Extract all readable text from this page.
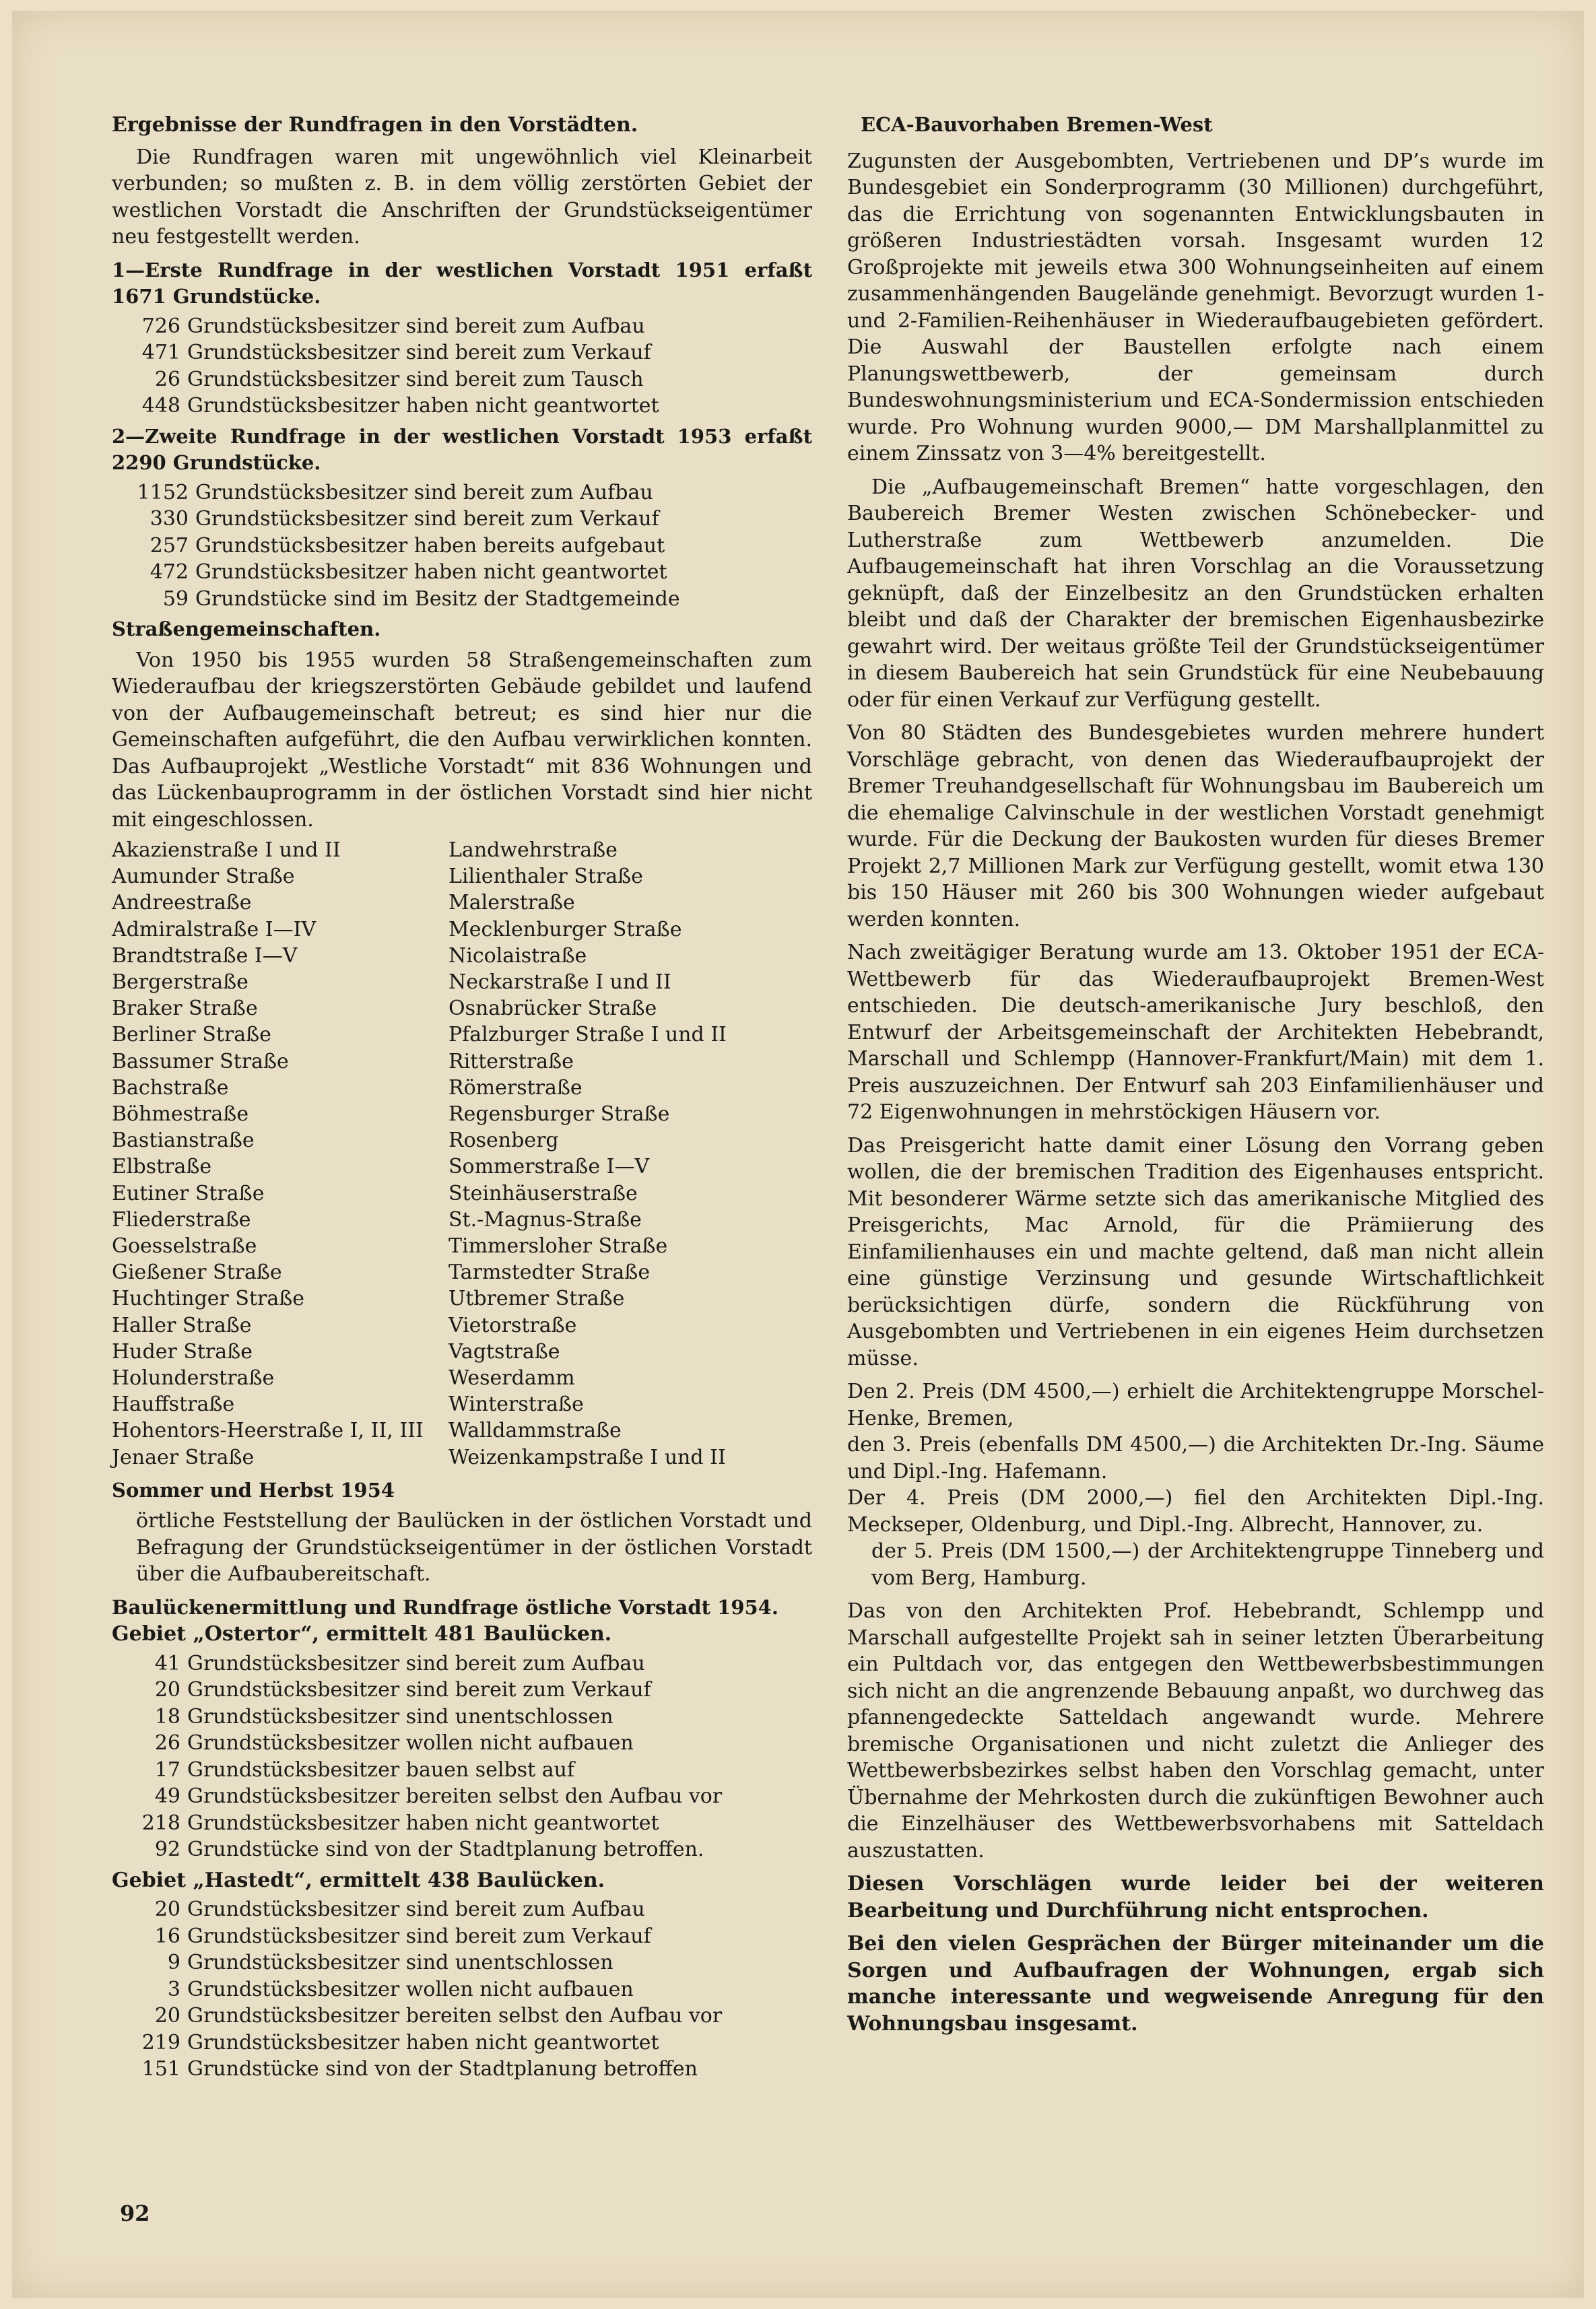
Ergebnisse der Rundfragen in den Vorstädten.

Die Rundfragen waren mit ungewöhnlich viel Kleinarbeit verbunden; so mußten z. B. in dem völlig zerstörten Gebiet der westlichen Vorstadt die Anschriften der Grundstückseigentümer neu festgestellt werden.

1—Erste Rundfrage in der westlichen Vorstadt 1951 erfaßt 1671 Grundstücke.

726 Grundstücksbesitzer sind bereit zum Aufbau
471 Grundstücksbesitzer sind bereit zum Verkauf
26 Grundstücksbesitzer sind bereit zum Tausch
448 Grundstücksbesitzer haben nicht geantwortet

2—Zweite Rundfrage in der westlichen Vorstadt 1953 erfaßt 2290 Grundstücke.

1152 Grundstücksbesitzer sind bereit zum Aufbau
330 Grundstücksbesitzer sind bereit zum Verkauf
257 Grundstücksbesitzer haben bereits aufgebaut
472 Grundstücksbesitzer haben nicht geantwortet
59 Grundstücke sind im Besitz der Stadtgemeinde

Straßengemeinschaften.

Von 1950 bis 1955 wurden 58 Straßengemeinschaften zum Wiederaufbau der kriegszerstörten Gebäude gebildet und laufend von der Aufbaugemeinschaft betreut; es sind hier nur die Gemeinschaften aufgeführt, die den Aufbau verwirklichen konnten. Das Aufbauprojekt „Westliche Vorstadt“ mit 836 Wohnungen und das Lückenbauprogramm in der östlichen Vorstadt sind hier nicht mit eingeschlossen.

Akazienstraße I und II
Aumunder Straße
Andreestraße
Admiralstraße I—IV
Brandtstraße I—V
Bergerstraße
Braker Straße
Berliner Straße
Bassumer Straße
Bachstraße
Böhmestraße
Bastianstraße
Elbstraße
Eutiner Straße
Fliederstraße
Goesselstraße
Gießener Straße
Huchtinger Straße
Haller Straße
Huder Straße
Holunderstraße
Hauffstraße
Hohentors-Heerstraße I, II, III
Jenaer Straße
Landwehrstraße
Lilienthaler Straße
Malerstraße
Mecklenburger Straße
Nicolaistraße
Neckarstraße I und II
Osnabrücker Straße
Pfalzburger Straße I und II
Ritterstraße
Römerstraße
Regensburger Straße
Rosenberg
Sommerstraße I—V
Steinhäuserstraße
St.-Magnus-Straße
Timmersloher Straße
Tarmstedter Straße
Utbremer Straße
Vietorstraße
Vagtstraße
Weserdamm
Winterstraße
Walldammstraße
Weizenkampstraße I und II

Sommer und Herbst 1954

örtliche Feststellung der Baulücken in der östlichen Vorstadt und Befragung der Grundstückseigentümer in der östlichen Vorstadt über die Aufbaubereitschaft.

Baulückenermittlung und Rundfrage östliche Vorstadt 1954.

Gebiet „Ostertor“, ermittelt 481 Baulücken.

41 Grundstücksbesitzer sind bereit zum Aufbau
20 Grundstücksbesitzer sind bereit zum Verkauf
18 Grundstücksbesitzer sind unentschlossen
26 Grundstücksbesitzer wollen nicht aufbauen
17 Grundstücksbesitzer bauen selbst auf
49 Grundstücksbesitzer bereiten selbst den Aufbau vor
218 Grundstücksbesitzer haben nicht geantwortet
92 Grundstücke sind von der Stadtplanung betroffen.

Gebiet „Hastedt“, ermittelt 438 Baulücken.

20 Grundstücksbesitzer sind bereit zum Aufbau
16 Grundstücksbesitzer sind bereit zum Verkauf
9 Grundstücksbesitzer sind unentschlossen
3 Grundstücksbesitzer wollen nicht aufbauen
20 Grundstücksbesitzer bereiten selbst den Aufbau vor
219 Grundstücksbesitzer haben nicht geantwortet
151 Grundstücke sind von der Stadtplanung betroffen

ECA-Bauvorhaben Bremen-West

Zugunsten der Ausgebombten, Vertriebenen und DP’s wurde im Bundesgebiet ein Sonderprogramm (30 Millionen) durchgeführt, das die Errichtung von sogenannten Entwicklungsbauten in größeren Industriestädten vorsah. Insgesamt wurden 12 Großprojekte mit jeweils etwa 300 Wohnungseinheiten auf einem zusammenhängenden Baugelände genehmigt. Bevorzugt wurden 1- und 2-Familien-Reihenhäuser in Wiederaufbaugebieten gefördert. Die Auswahl der Baustellen erfolgte nach einem Planungswettbewerb, der gemeinsam durch Bundeswohnungsministerium und ECA-Sondermission entschieden wurde. Pro Wohnung wurden 9000,— DM Marshallplanmittel zu einem Zinssatz von 3—4% bereitgestellt.

Die „Aufbaugemeinschaft Bremen“ hatte vorgeschlagen, den Baubereich Bremer Westen zwischen Schönebecker- und Lutherstraße zum Wettbewerb anzumelden. Die Aufbaugemeinschaft hat ihren Vorschlag an die Voraussetzung geknüpft, daß der Einzelbesitz an den Grundstücken erhalten bleibt und daß der Charakter der bremischen Eigenhausbezirke gewahrt wird. Der weitaus größte Teil der Grundstückseigentümer in diesem Baubereich hat sein Grundstück für eine Neubebauung oder für einen Verkauf zur Verfügung gestellt.

Von 80 Städten des Bundesgebietes wurden mehrere hundert Vorschläge gebracht, von denen das Wiederaufbauprojekt der Bremer Treuhandgesellschaft für Wohnungsbau im Baubereich um die ehemalige Calvinschule in der westlichen Vorstadt genehmigt wurde. Für die Deckung der Baukosten wurden für dieses Bremer Projekt 2,7 Millionen Mark zur Verfügung gestellt, womit etwa 130 bis 150 Häuser mit 260 bis 300 Wohnungen wieder aufgebaut werden konnten.

Nach zweitägiger Beratung wurde am 13. Oktober 1951 der ECA-Wettbewerb für das Wiederaufbauprojekt Bremen-West entschieden. Die deutsch-amerikanische Jury beschloß, den Entwurf der Arbeitsgemeinschaft der Architekten Hebebrandt, Marschall und Schlempp (Hannover-Frankfurt/Main) mit dem 1. Preis auszuzeichnen. Der Entwurf sah 203 Einfamilienhäuser und 72 Eigenwohnungen in mehrstöckigen Häusern vor.

Das Preisgericht hatte damit einer Lösung den Vorrang geben wollen, die der bremischen Tradition des Eigenhauses entspricht. Mit besonderer Wärme setzte sich das amerikanische Mitglied des Preisgerichts, Mac Arnold, für die Prämiierung des Einfamilienhauses ein und machte geltend, daß man nicht allein eine günstige Verzinsung und gesunde Wirtschaftlichkeit berücksichtigen dürfe, sondern die Rückführung von Ausgebombten und Vertriebenen in ein eigenes Heim durchsetzen müsse.

Den 2. Preis (DM 4500,—) erhielt die Architektengruppe Morschel-Henke, Bremen,

den 3. Preis (ebenfalls DM 4500,—) die Architekten Dr.-Ing. Säume und Dipl.-Ing. Hafemann.

Der 4. Preis (DM 2000,—) fiel den Architekten Dipl.-Ing. Meckseper, Oldenburg, und Dipl.-Ing. Albrecht, Hannover, zu.

der 5. Preis (DM 1500,—) der Architektengruppe Tinneberg und vom Berg, Hamburg.

Das von den Architekten Prof. Hebebrandt, Schlempp und Marschall aufgestellte Projekt sah in seiner letzten Überarbeitung ein Pultdach vor, das entgegen den Wettbewerbsbestimmungen sich nicht an die angrenzende Bebauung anpaßt, wo durchweg das pfannengedeckte Satteldach angewandt wurde. Mehrere bremische Organisationen und nicht zuletzt die Anlieger des Wettbewerbsbezirkes selbst haben den Vorschlag gemacht, unter Übernahme der Mehrkosten durch die zukünftigen Bewohner auch die Einzelhäuser des Wettbewerbsvorhabens mit Satteldach auszustatten.

Diesen Vorschlägen wurde leider bei der weiteren Bearbeitung und Durchführung nicht entsprochen.

Bei den vielen Gesprächen der Bürger miteinander um die Sorgen und Aufbaufragen der Wohnungen, ergab sich manche interessante und wegweisende Anregung für den Wohnungsbau insgesamt.

92
